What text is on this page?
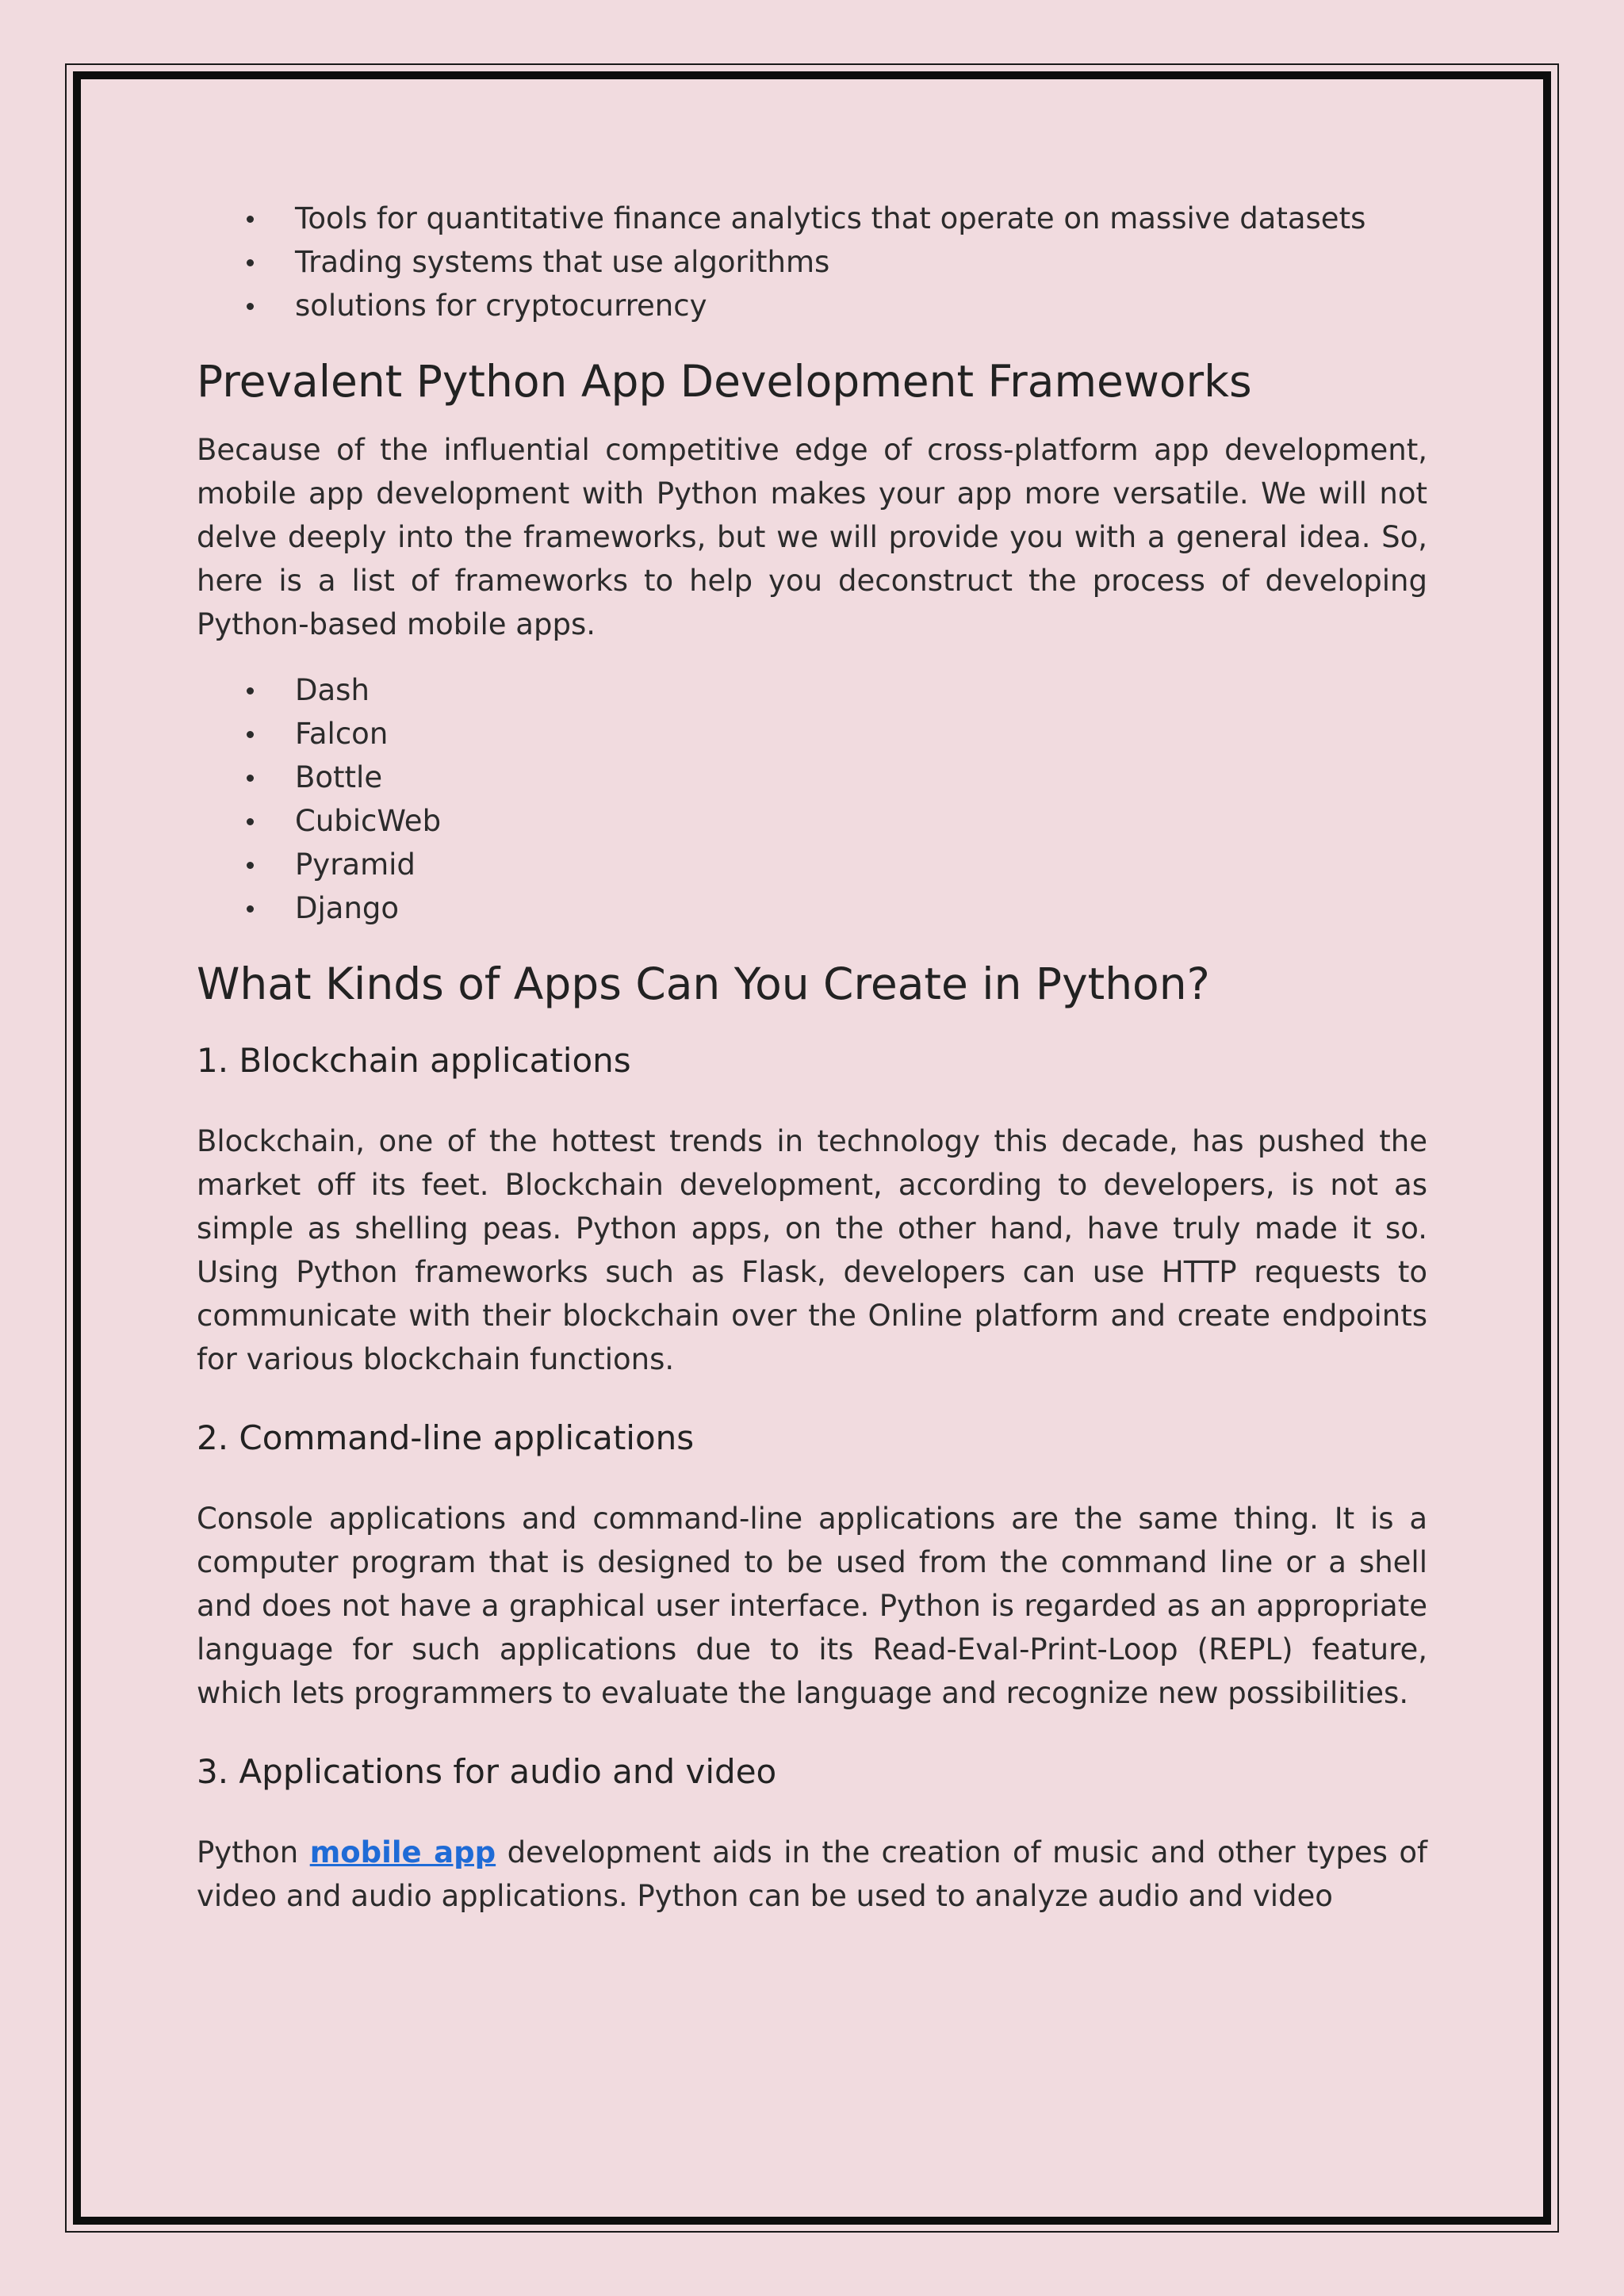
Tools for quantitative finance analytics that operate on massive datasets
Trading systems that use algorithms
solutions for cryptocurrency
Prevalent Python App Development Frameworks

Because of the influential competitive edge of cross-platform app development, mobile app development with Python makes your app more versatile. We will not delve deeply into the frameworks, but we will provide you with a general idea. So, here is a list of frameworks to help you deconstruct the process of developing Python-based mobile apps.

Dash
Falcon
Bottle
CubicWeb
Pyramid
Django
What Kinds of Apps Can You Create in Python?
1. Blockchain applications

Blockchain, one of the hottest trends in technology this decade, has pushed the market off its feet. Blockchain development, according to developers, is not as simple as shelling peas. Python apps, on the other hand, have truly made it so. Using Python frameworks such as Flask, developers can use HTTP requests to communicate with their blockchain over the Online platform and create endpoints for various blockchain functions.

2. Command-line applications

Console applications and command-line applications are the same thing. It is a computer program that is designed to be used from the command line or a shell and does not have a graphical user interface. Python is regarded as an appropriate language for such applications due to its Read-Eval-Print-Loop (REPL) feature, which lets programmers to evaluate the language and recognize new possibilities.

3. Applications for audio and video

Python mobile app development aids in the creation of music and other types of video and audio applications. Python can be used to analyze audio and video
